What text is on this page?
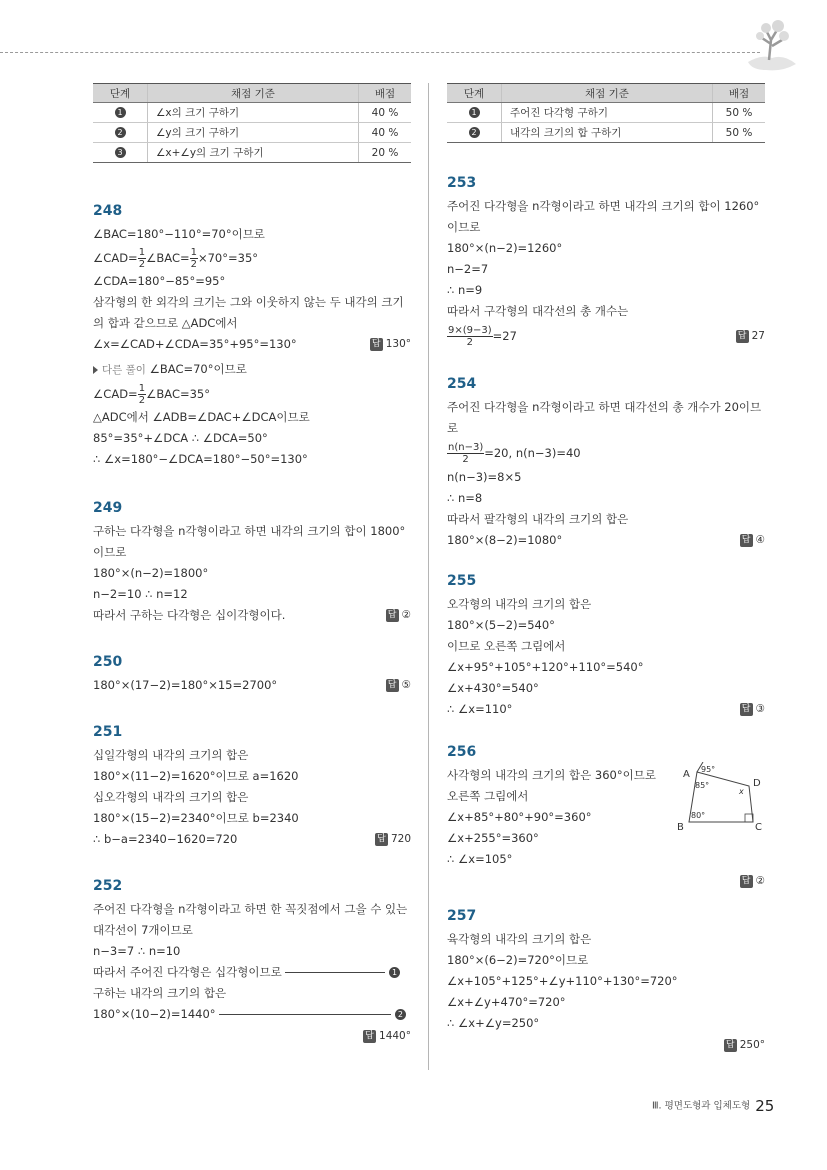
단계	채점 기준	배점
1	∠x의 크기 구하기	40 %
2	∠y의 크기 구하기	40 %
3	∠x+∠y의 크기 구하기	20 %
248

∠BAC=180°−110°=70°이므로

∠CAD= $\frac{1}{2}$ ∠BAC= $\frac{1}{2} \times 70^\circ=35^\circ$

∠CDA=180°−85°=95°

삼각형의 한 외각의 크기는 그와 이웃하지 않는 두 내각의 크기의 합과 같으므로 △ADC에서

∠x=∠CAD+∠CDA=35°+95°=130°	답 130°

다른 풀이 ∠BAC=70°이므로

∠CAD= $\frac{1}{2}$ ∠BAC=35°

△ADC에서 ∠ADB=∠DAC+∠DCA이므로

85°=35°+∠DCA ∴ ∠DCA=50°

∴ ∠x=180°−∠DCA=180°−50°=130°

249

구하는 다각형을 n각형이라고 하면 내각의 크기의 합이 1800° 이므로

180°×(n−2)=1800°

n−2=10 ∴ n=12

따라서 구하는 다각형은 십이각형이다.	답 ②

250

180°×(17−2)=180°×15=2700°	답 ⑤

251

십일각형의 내각의 크기의 합은

180°×(11−2)=1620°이므로 a=1620

십오각형의 내각의 크기의 합은

180°×(15−2)=2340°이므로 b=2340

∴ b−a=2340−1620=720	답 720

252

주어진 다각형을 n각형이라고 하면 한 꼭짓점에서 그을 수 있는 대각선이 7개이므로

n−3=7 ∴ n=10

따라서 주어진 다각형은 십각형이므로	1

구하는 내각의 크기의 합은

180°×(10−2)=1440°	2

답 1440°

단계	채점 기준	배점
1	주어진 다각형 구하기	50 %
2	내각의 크기의 합 구하기	50 %
253

주어진 다각형을 n각형이라고 하면 내각의 크기의 합이 1260° 이므로

180°×(n−2)=1260°

n−2=7

∴ n=9

따라서 구각형의 대각선의 총 개수는

$\frac{9\times(9-3)}{2} =27$	답 27

254

주어진 다각형을 n각형이라고 하면 대각선의 총 개수가 20이므로

$\frac{n(n-3)}{2} =20$, n(n−3)=40

n(n−3)=8×5

∴ n=8

따라서 팔각형의 내각의 크기의 합은

180°×(8−2)=1080°	답 ④

255

오각형의 내각의 크기의 합은

180°×(5−2)=540°

이므로 오른쪽 그림에서

∠x+95°+105°+120°+110°=540°

∠x+430°=540°

∴ ∠x=110°	답 ③

256

사각형의 내각의 크기의 합은 360°이므로

오른쪽 그림에서

∠x+85°+80°+90°=360°

∠x+255°=360°

∴ ∠x=105°

답 ②

A
B	C
D
95°
85°
80°
x
257

육각형의 내각의 크기의 합은

180°×(6−2)=720°이므로

∠x+105°+125°+∠y+110°+130°=720°

∠x+∠y+470°=720°

∴ ∠x+∠y=250°

답 250°

Ⅲ. 평면도형과 입체도형 25
